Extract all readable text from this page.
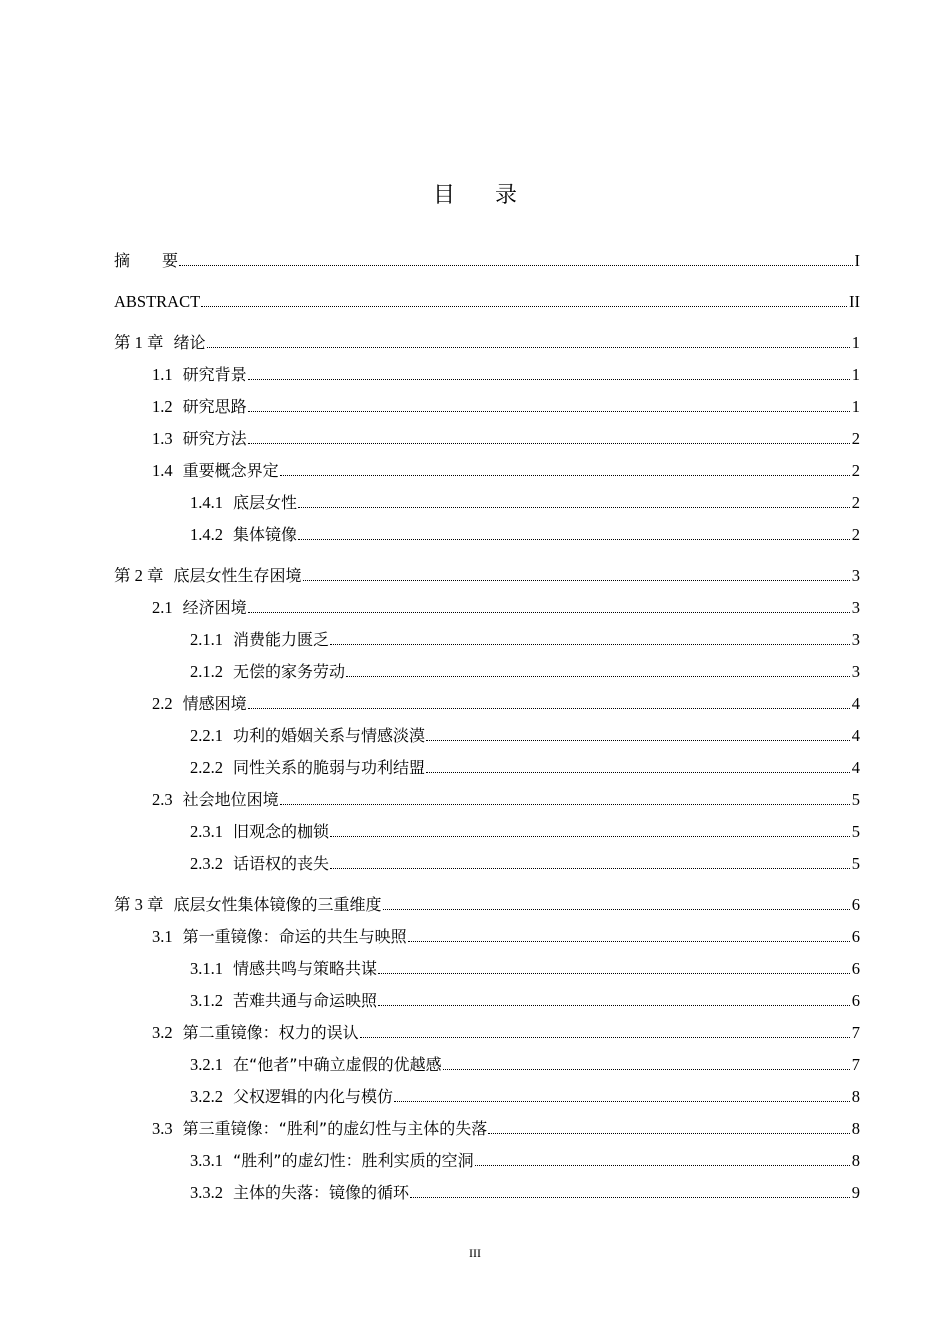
目录
摘　　要	I
ABSTRACT	II
第 1 章 绪论	1
1.1 研究背景	1
1.2 研究思路	1
1.3 研究方法	2
1.4 重要概念界定	2
1.4.1 底层女性	2
1.4.2 集体镜像	2
第 2 章 底层女性生存困境	3
2.1 经济困境	3
2.1.1 消费能力匮乏	3
2.1.2 无偿的家务劳动	3
2.2 情感困境	4
2.2.1 功利的婚姻关系与情感淡漠	4
2.2.2 同性关系的脆弱与功利结盟	4
2.3 社会地位困境	5
2.3.1 旧观念的枷锁	5
2.3.2 话语权的丧失	5
第 3 章 底层女性集体镜像的三重维度	6
3.1 第一重镜像：命运的共生与映照	6
3.1.1 情感共鸣与策略共谋	6
3.1.2 苦难共通与命运映照	6
3.2 第二重镜像：权力的误认	7
3.2.1 在“他者”中确立虚假的优越感	7
3.2.2 父权逻辑的内化与模仿	8
3.3 第三重镜像：“胜利”的虚幻性与主体的失落	8
3.3.1 “胜利”的虚幻性：胜利实质的空洞	8
3.3.2 主体的失落：镜像的循环	9
III
